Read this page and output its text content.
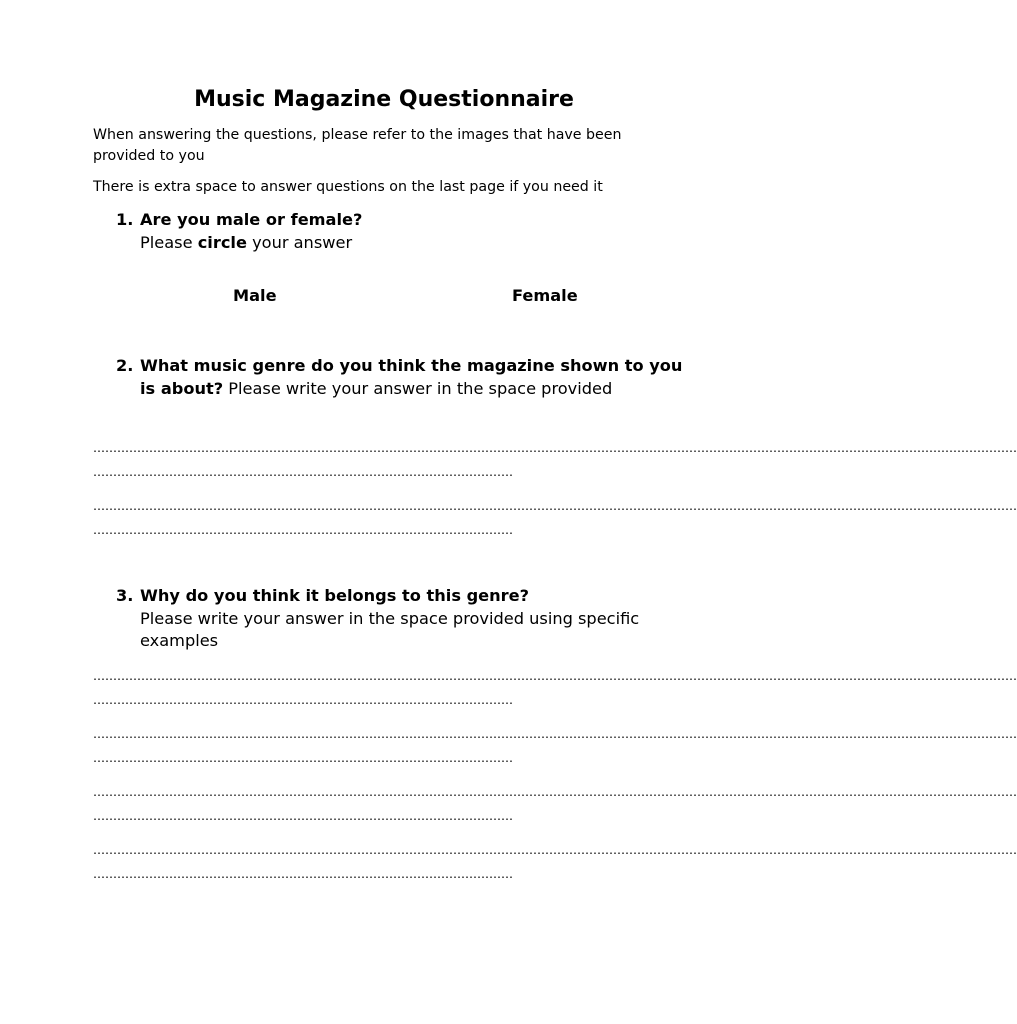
Music Magazine Questionnaire
When answering the questions, please refer to the images that have been provided to you
There is extra space to answer questions on the last page if you need it
1. Are you male or female?
Please circle your answer
Male	Female
2. What music genre do you think the magazine shown to you is about? Please write your answer in the space provided
……………………………………………………………………………………………………………………………………………………………………………………………………………
……………………………………………………………………………………………
……………………………………………………………………………………………………………………………………………………………………………………………………………
……………………………………………………………………………………………
3. Why do you think it belongs to this genre?
Please write your answer in the space provided using specific examples
……………………………………………………………………………………………………………………………………………………………………………………………………………
……………………………………………………………………………………………
……………………………………………………………………………………………………………………………………………………………………………………………………………
……………………………………………………………………………………………
……………………………………………………………………………………………………………………………………………………………………………………………………………
……………………………………………………………………………………………
……………………………………………………………………………………………………………………………………………………………………………………………………………
……………………………………………………………………………………………
